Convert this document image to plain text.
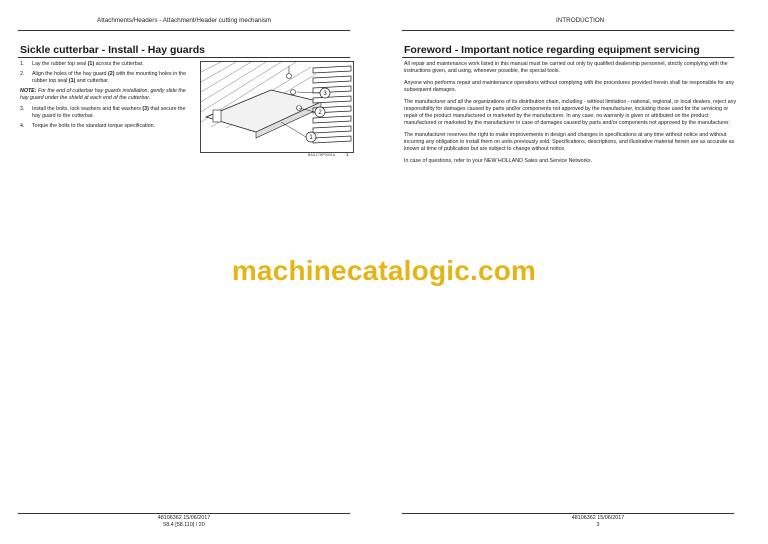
Attachments/Headers - Attachment/Header cutting mechanism
Sickle cutterbar - Install - Hay guards
1.	Lay the rubber top seal (1) across the cutterbar.
2.	Align the holes of the hay guard (2) with the mounting holes in the rubber top seal (1) and cutterbar.
NOTE: For the end of cutterbar hay guards installation, gently slide the hay guard under the shield at each end of the cutterbar.
3.	Install the bolts, lock washers and flat washers (3) that secure the hay guard to the cutterbar.
4.	Torque the bolts to the standard torque specification.
3
2
1
BAIL17HP0001A 1
48106362 15/06/2017
58.4 [58.110] / 20
INTRODUCTION
Foreword - Important notice regarding equipment servicing

All repair and maintenance work listed in this manual must be carried out only by qualified dealership personnel, strictly complying with the instructions given, and using, whenever possible, the special tools.

Anyone who performs repair and maintenance operations without complying with the procedures provided herein shall be responsible for any subsequent damages.

The manufacturer and all the organizations of its distribution chain, including - without limitation - national, regional, or local dealers, reject any responsibility for damages caused by parts and/or components not approved by the manufacturer, including those used for the servicing or repair of the product manufactured or marketed by the manufacturer. In any case, no warranty is given or attributed on the product manufactured or marketed by the manufacturer in case of damages caused by parts and/or components not approved by the manufacturer.

The manufacturer reserves the right to make improvements in design and changes in specifications at any time without notice and without incurring any obligation to install them on units previously sold. Specifications, descriptions, and illustrative material herein are as accurate as known at time of publication but are subject to change without notice.

In case of questions, refer to your NEW HOLLAND Sales and Service Networks.

48106362 15/06/2017
3
machinecatalogic.com
